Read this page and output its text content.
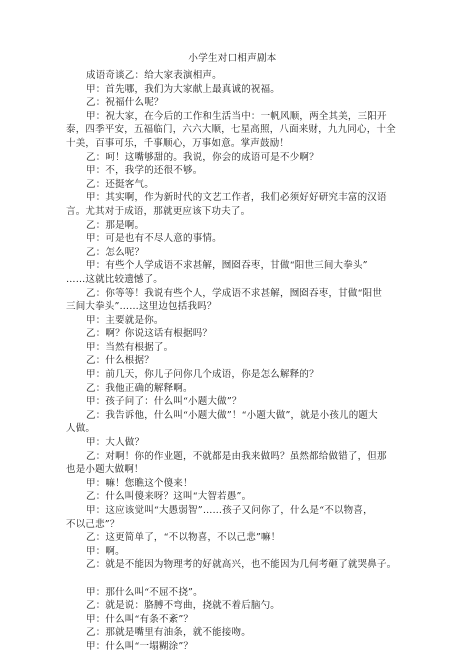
小学生对口相声剧本
成语奇谈乙：给大家表演相声。
甲：首先哪，我们为大家献上最真诚的祝福。
乙：祝福什么呢？
甲：祝大家，在今后的工作和生活当中：一帆风顺，两全其美，三阳开
泰，四季平安，五福临门，六六大顺，七星高照，八面来财，九九同心，十全
十美，百事可乐，千事顺心，万事如意。掌声鼓励！
乙：呵！这嘴够甜的。我说，你会的成语可是不少啊？
甲：不，我学的还很不够。
乙：还挺客气。
甲：其实啊，作为新时代的文艺工作者，我们必须好好研究丰富的汉语
言。尤其对于成语，那就更应该下功夫了。
乙：那是啊。
甲：可是也有不尽人意的事情。
乙：怎么呢？
甲：有些个人学成语不求甚解，囫囵吞枣，甘做“阳世三间大拳头”
……这就比较遗憾了。
乙：你等等！我说有些个人，学成语不求甚解，囫囵吞枣，甘做“阳世
三间大拳头”……这里边包括我吗？
甲：主要就是你。
乙：啊？你说这话有根据吗？
甲：当然有根据了。
乙：什么根据？
甲：前几天，你儿子问你几个成语，你是怎么解释的？
乙：我他正确的解释啊。
甲：孩子问了：什么叫“小题大做”？
乙：我告诉他，什么叫“小题大做”！“小题大做”，就是小孩儿的题大
人做。
甲：大人做？
乙：对啊！你的作业题，不就都是由我来做吗？虽然都给做错了，但那
也是小题大做啊！
甲：嘛！您瞧这个傻来！
乙：什么叫傻来呀？这叫“大智若愚”。
甲：这应该觉叫“大愚弱智”……孩子又问你了，什么是“不以物喜，
不以己悲”？
乙：这更简单了，“不以物喜，不以己悲”嘛！
甲：啊。
乙：就是不能因为物理考的好就高兴，也不能因为几何考砸了就哭鼻子。
甲：那什么叫“不屈不挠”。
乙：就是说：胳膊不弯曲，挠就不着后脑勺。
甲：什么叫“有条不紊”？
乙：那就是嘴里有油条，就不能接吻。
甲：什么叫“一塌糊涂”？
